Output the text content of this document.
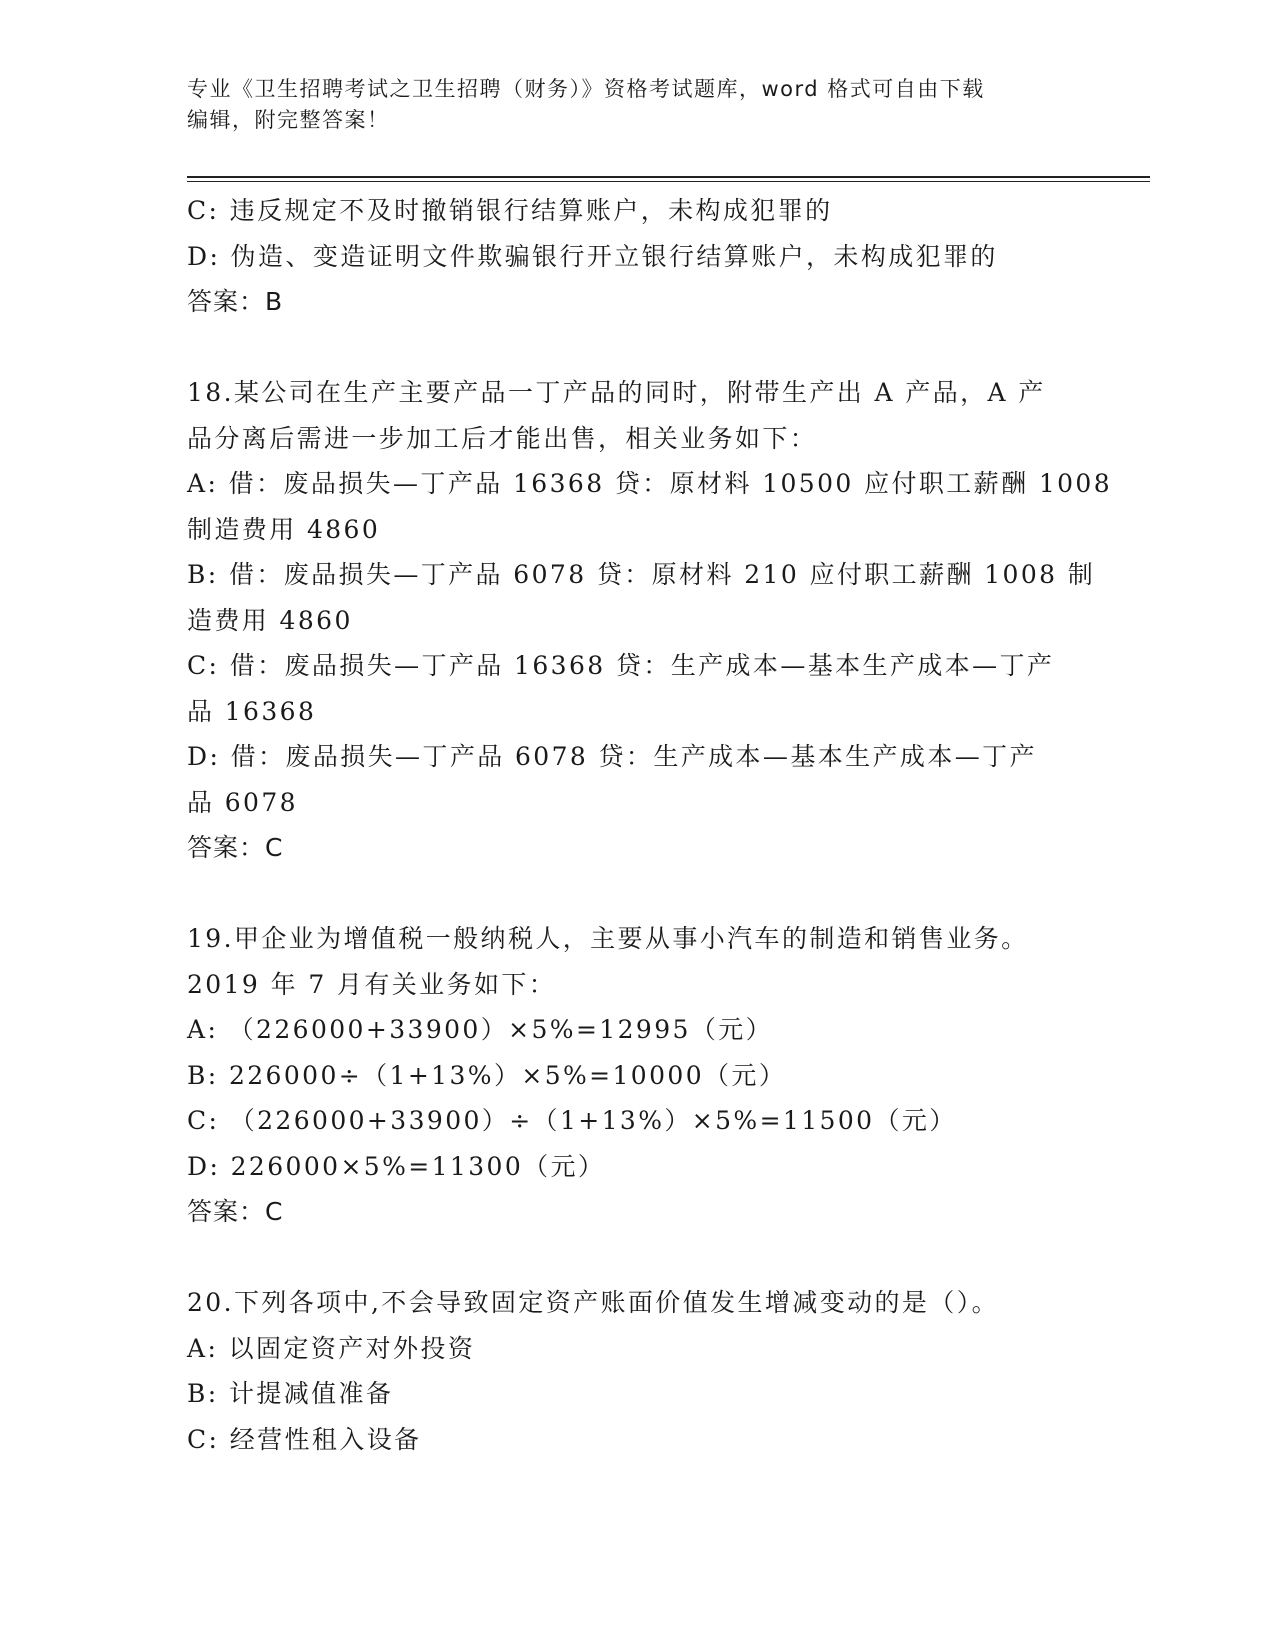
专业《卫生招聘考试之卫生招聘（财务）》资格考试题库，word 格式可自由下载
编辑，附完整答案！
C: 违反规定不及时撤销银行结算账户，未构成犯罪的
D: 伪造、变造证明文件欺骗银行开立银行结算账户，未构成犯罪的
答案：B
18.某公司在生产主要产品一丁产品的同时，附带生产出 A 产品，A 产
品分离后需进一步加工后才能出售，相关业务如下：
A: 借：废品损失—丁产品 16368 贷：原材料 10500 应付职工薪酬 1008
制造费用 4860
B: 借：废品损失—丁产品 6078 贷：原材料 210 应付职工薪酬 1008 制
造费用 4860
C: 借：废品损失—丁产品 16368 贷：生产成本—基本生产成本—丁产
品 16368
D: 借：废品损失—丁产品 6078 贷：生产成本—基本生产成本—丁产
品 6078
答案：C
19.甲企业为增值税一般纳税人，主要从事小汽车的制造和销售业务。
2019 年 7 月有关业务如下：
A: （226000+33900）×5%=12995（元）
B: 226000÷（1+13%）×5%=10000（元）
C: （226000+33900）÷（1+13%）×5%=11500（元）
D: 226000×5%=11300（元）
答案：C
20.下列各项中,不会导致固定资产账面价值发生增减变动的是（）。
A: 以固定资产对外投资
B: 计提减值准备
C: 经营性租入设备
